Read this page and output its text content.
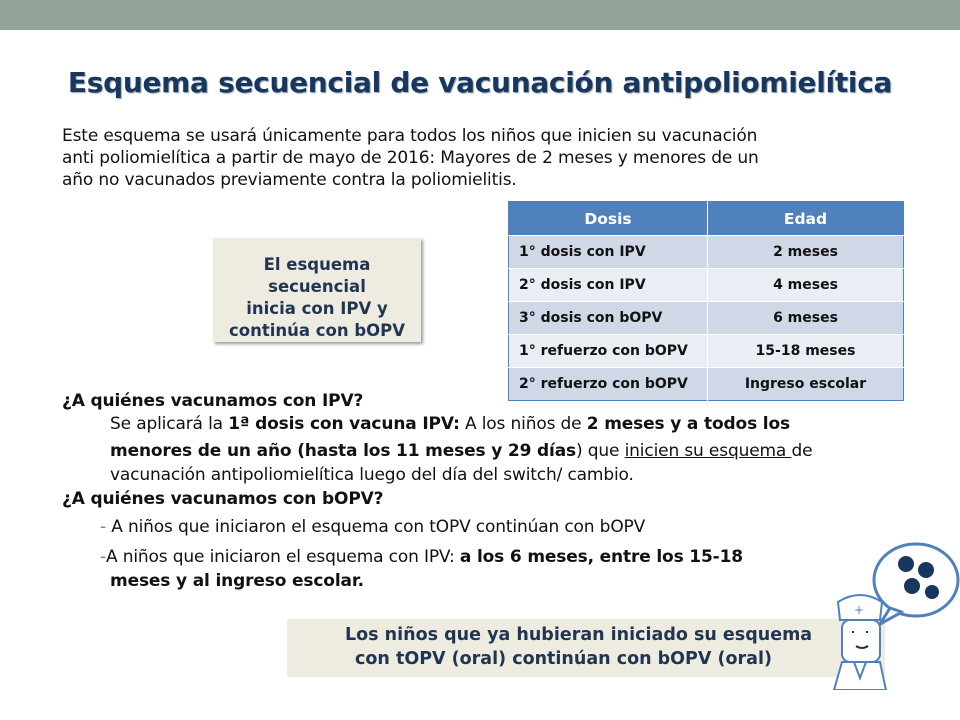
Esquema secuencial de vacunación antipoliomielítica
Este esquema se usará únicamente para todos los niños que inicien su vacunación
anti poliomielítica a partir de mayo de 2016: Mayores de 2 meses y menores de un
año no vacunados previamente contra la poliomielitis.
El esquema secuencial
inicia con IPV y
continúa con bOPV
Dosis	Edad
1° dosis con IPV	2 meses
2° dosis con IPV	4 meses
3° dosis con bOPV	6 meses
1° refuerzo con bOPV	15-18 meses
2° refuerzo con bOPV	Ingreso escolar
¿A quiénes vacunamos con IPV?
Se aplicará la 1ª dosis con vacuna IPV: A los niños de 2 meses y a todos los
menores de un año (hasta los 11 meses y 29 días) que inicien su esquema de
vacunación antipoliomielítica luego del día del switch/ cambio.
¿A quiénes vacunamos con bOPV?
- A niños que iniciaron el esquema con tOPV continúan con bOPV
-A niños que iniciaron el esquema con IPV: a los 6 meses, entre los 15-18
meses y al ingreso escolar.
Los niños que ya hubieran iniciado su esquema
con tOPV (oral) continúan con bOPV (oral)
+
